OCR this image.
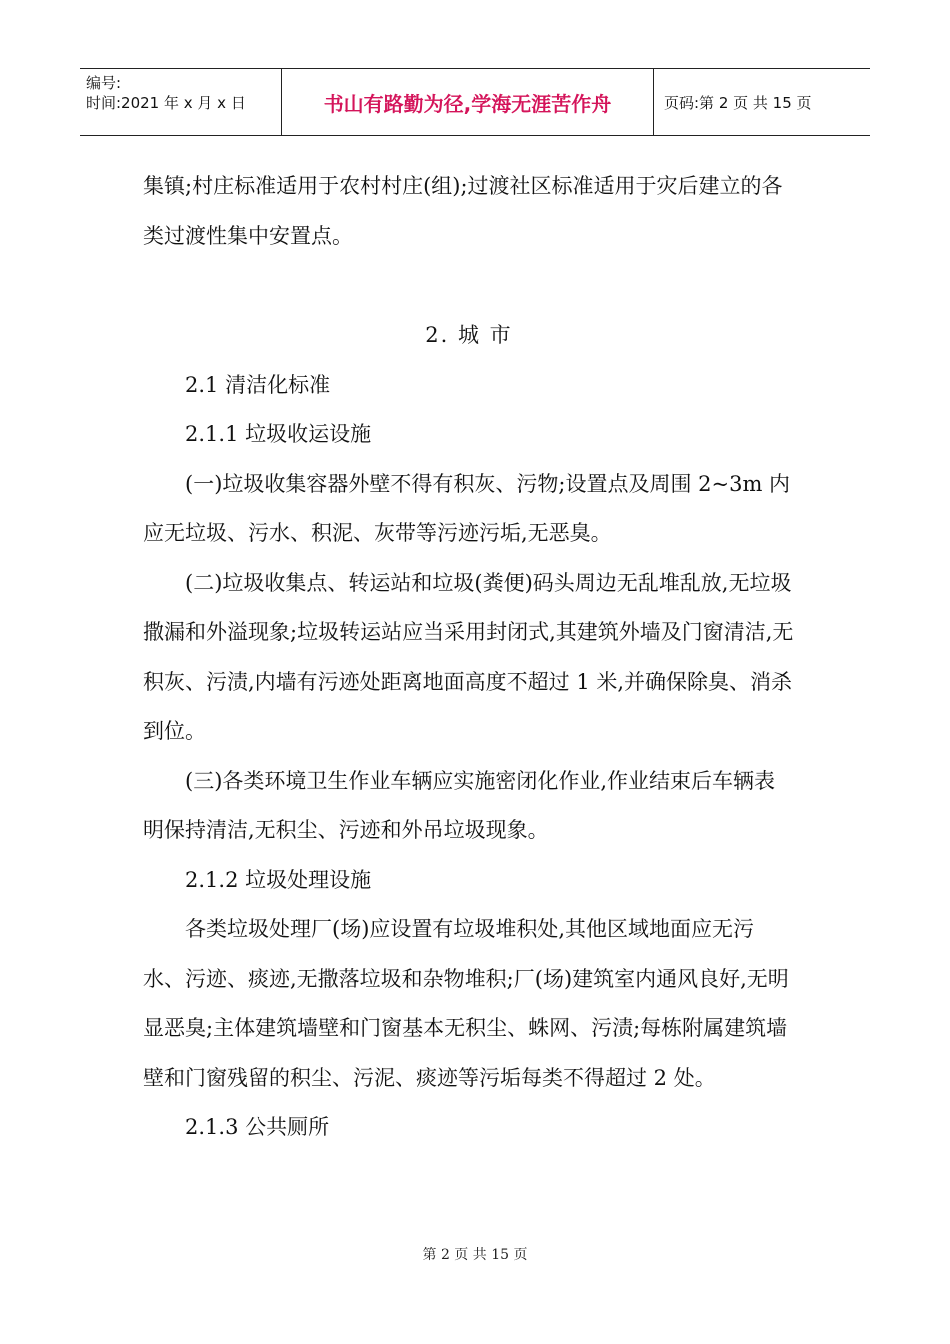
编号:
时间:2021 年 x 月 x 日	书山有路勤为径,学海无涯苦作舟	页码:第 2 页 共 15 页

集镇;村庄标准适用于农村村庄(组);过渡社区标准适用于灾后建立的各类过渡性集中安置点。

2. 城 市

2.1 清洁化标准

2.1.1 垃圾收运设施

(一)垃圾收集容器外壁不得有积灰、污物;设置点及周围 2~3m 内应无垃圾、污水、积泥、灰带等污迹污垢,无恶臭。

(二)垃圾收集点、转运站和垃圾(粪便)码头周边无乱堆乱放,无垃圾撒漏和外溢现象;垃圾转运站应当采用封闭式,其建筑外墙及门窗清洁,无积灰、污渍,内墙有污迹处距离地面高度不超过 1 米,并确保除臭、消杀到位。

(三)各类环境卫生作业车辆应实施密闭化作业,作业结束后车辆表明保持清洁,无积尘、污迹和外吊垃圾现象。

2.1.2 垃圾处理设施

各类垃圾处理厂(场)应设置有垃圾堆积处,其他区域地面应无污水、污迹、痰迹,无撒落垃圾和杂物堆积;厂(场)建筑室内通风良好,无明显恶臭;主体建筑墙壁和门窗基本无积尘、蛛网、污渍;每栋附属建筑墙壁和门窗残留的积尘、污泥、痰迹等污垢每类不得超过 2 处。

2.1.3 公共厕所

第 2 页 共 15 页
